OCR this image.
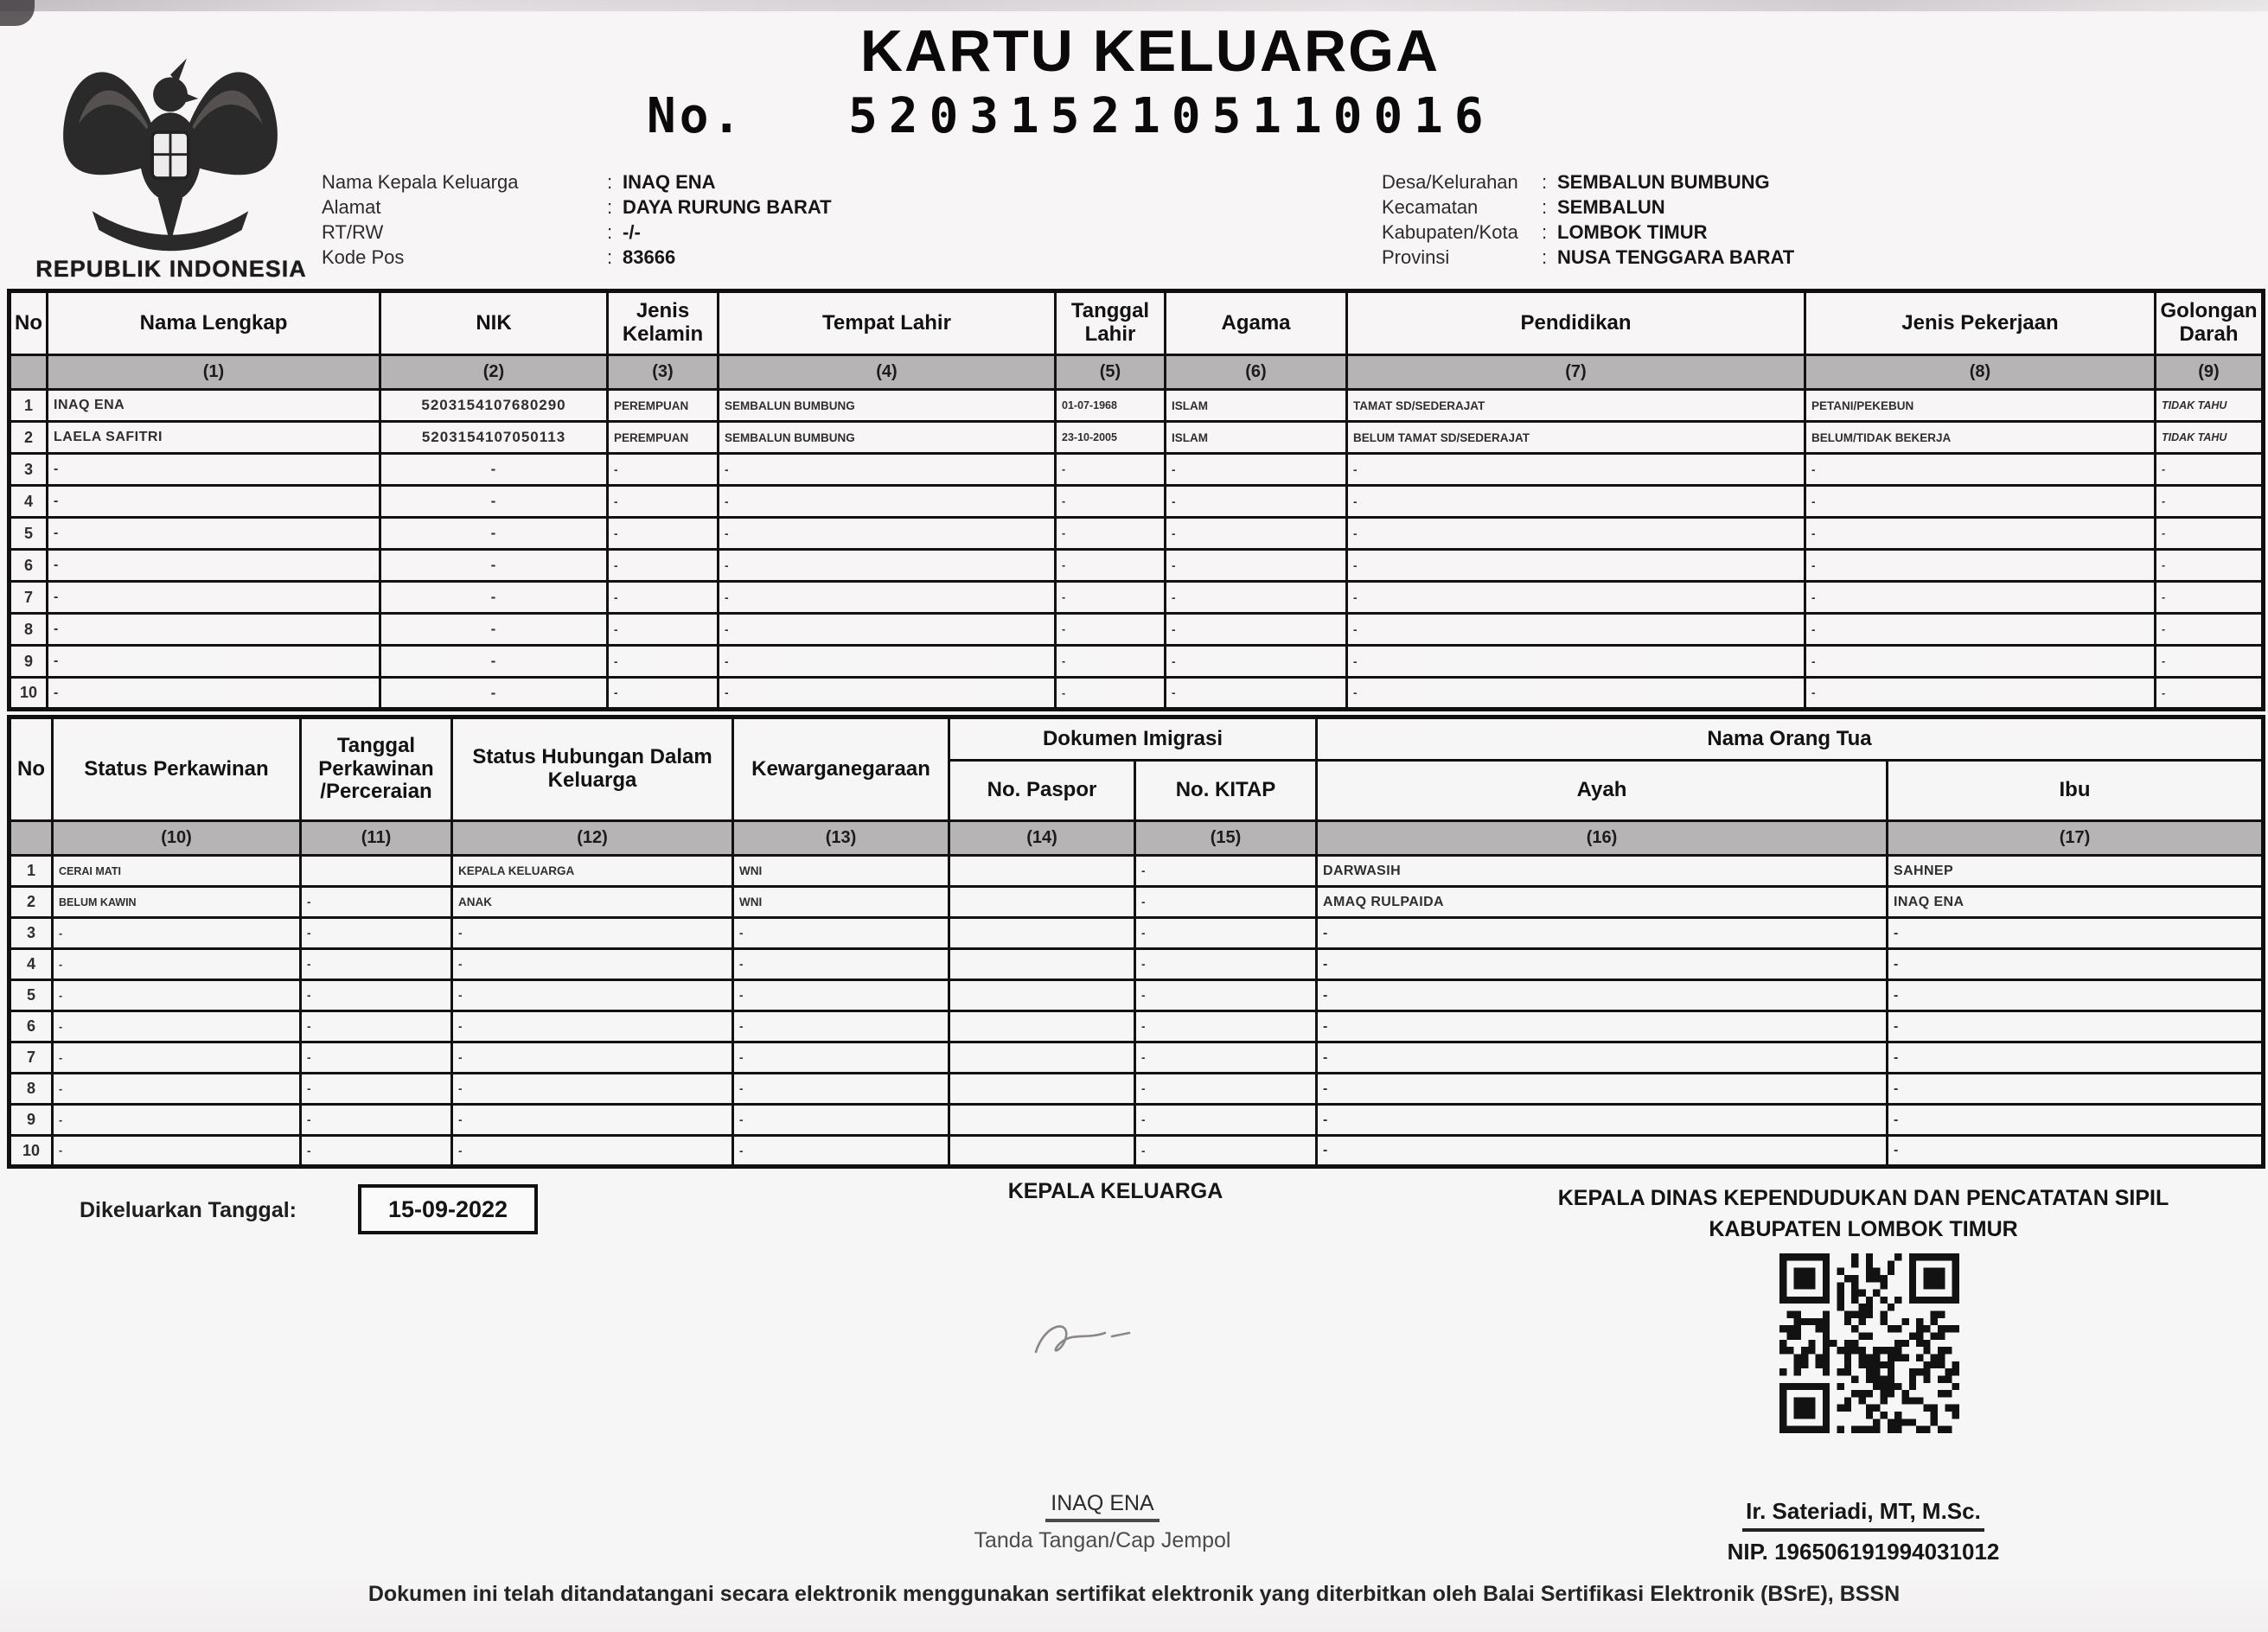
REPUBLIK INDONESIA
KARTU KELUARGA
No. 5203152105110016
Nama Kepala Keluarga	: INAQ ENA
Alamat	: DAYA RURUNG BARAT
RT/RW	: -/-
Kode Pos	: 83666
Desa/Kelurahan	: SEMBALUN BUMBUNG
Kecamatan	: SEMBALUN
Kabupaten/Kota	: LOMBOK TIMUR
Provinsi	: NUSA TENGGARA BARAT
No	Nama Lengkap	NIK	Jenis Kelamin	Tempat Lahir	Tanggal Lahir	Agama	Pendidikan	Jenis Pekerjaan	Golongan Darah
	(1)	(2)	(3)	(4)	(5)	(6)	(7)	(8)	(9)
1	INAQ ENA	5203154107680290	PEREMPUAN	SEMBALUN BUMBUNG	01-07-1968	ISLAM	TAMAT SD/SEDERAJAT	PETANI/PEKEBUN	TIDAK TAHU
2	LAELA SAFITRI	5203154107050113	PEREMPUAN	SEMBALUN BUMBUNG	23-10-2005	ISLAM	BELUM TAMAT SD/SEDERAJAT	BELUM/TIDAK BEKERJA	TIDAK TAHU
3	-	-	-	-	-	-	-	-	-
4	-	-	-	-	-	-	-	-	-
5	-	-	-	-	-	-	-	-	-
6	-	-	-	-	-	-	-	-	-
7	-	-	-	-	-	-	-	-	-
8	-	-	-	-	-	-	-	-	-
9	-	-	-	-	-	-	-	-	-
10	-	-	-	-	-	-	-	-	-
No	Status Perkawinan	Tanggal Perkawinan /Perceraian	Status Hubungan Dalam Keluarga	Kewarganegaraan	Dokumen Imigrasi		Nama Orang Tua	
					No. Paspor	No. KITAP	Ayah	Ibu
	(10)	(11)	(12)	(13)	(14)	(15)	(16)	(17)
1	CERAI MATI		KEPALA KELUARGA	WNI		-	DARWASIH	SAHNEP
2	BELUM KAWIN	-	ANAK	WNI		-	AMAQ RULPAIDA	INAQ ENA
3	-	-	-	-		-	-	-
4	-	-	-	-		-	-	-
5	-	-	-	-		-	-	-
6	-	-	-	-		-	-	-
7	-	-	-	-		-	-	-
8	-	-	-	-		-	-	-
9	-	-	-	-		-	-	-
10	-	-	-	-		-	-	-
Dikeluarkan Tanggal:	15-09-2022
KEPALA KELUARGA	KEPALA DINAS KEPENDUDUKAN DAN PENCATATAN SIPIL
KABUPATEN LOMBOK TIMUR
INAQ ENA
Tanda Tangan/Cap Jempol
Ir. Sateriadi, MT, M.Sc.
NIP. 196506191994031012
Dokumen ini telah ditandatangani secara elektronik menggunakan sertifikat elektronik yang diterbitkan oleh Balai Sertifikasi Elektronik (BSrE), BSSN
